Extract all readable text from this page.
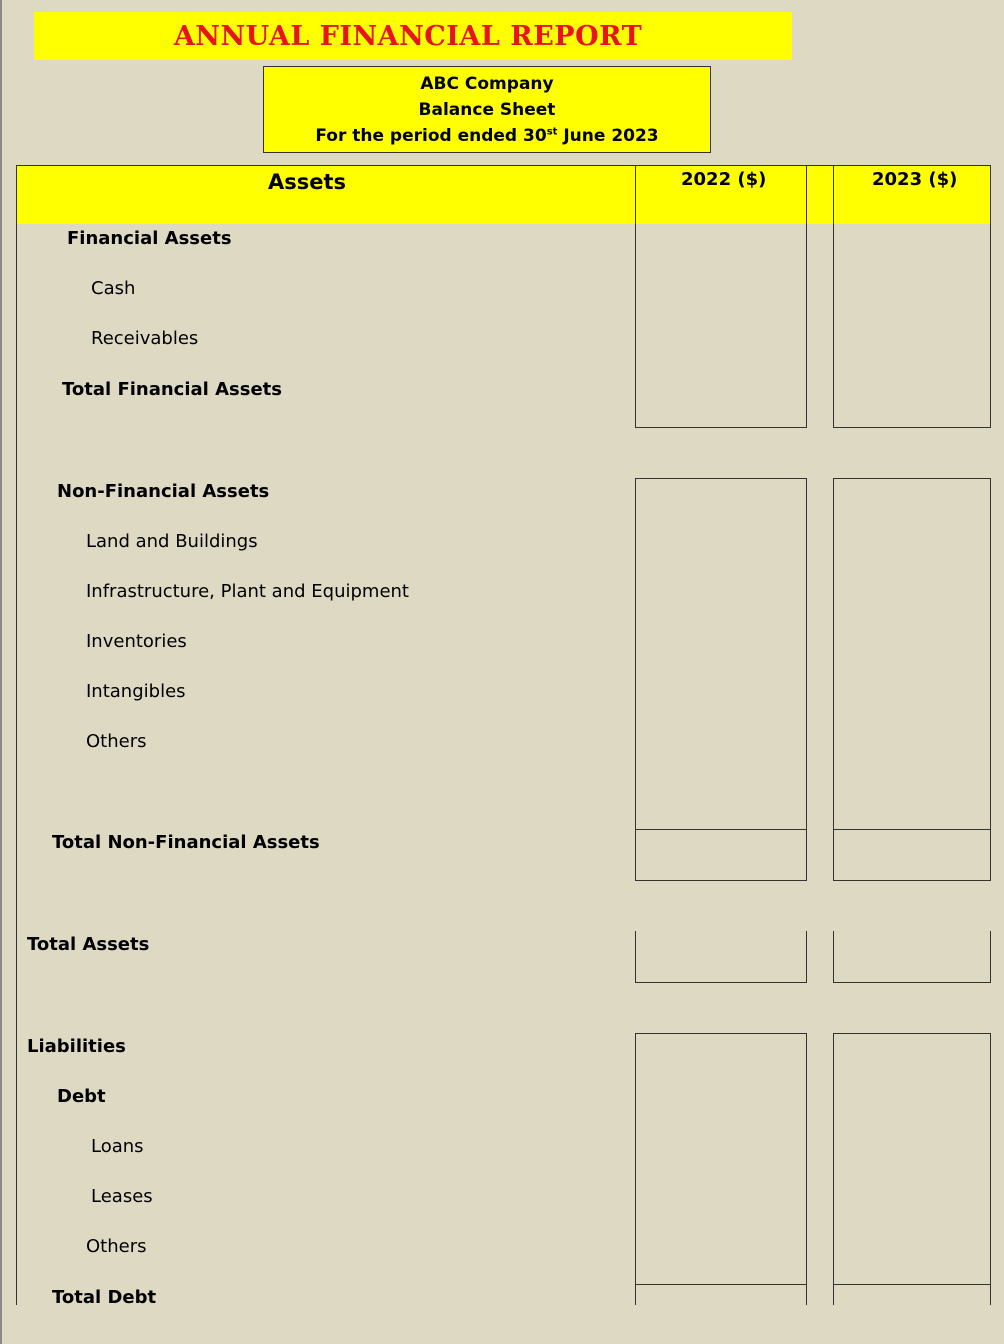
ANNUAL FINANCIAL REPORT
ABC Company
Balance Sheet
For the period ended 30st June 2023
Assets	2022 ($)	2023 ($)
Financial Assets
Cash
Receivables
Total Financial Assets
Non-Financial Assets
Land and Buildings
Infrastructure, Plant and Equipment
Inventories
Intangibles
Others
Total Non-Financial Assets
Total Assets
Liabilities
Debt
Loans
Leases
Others
Total Debt
